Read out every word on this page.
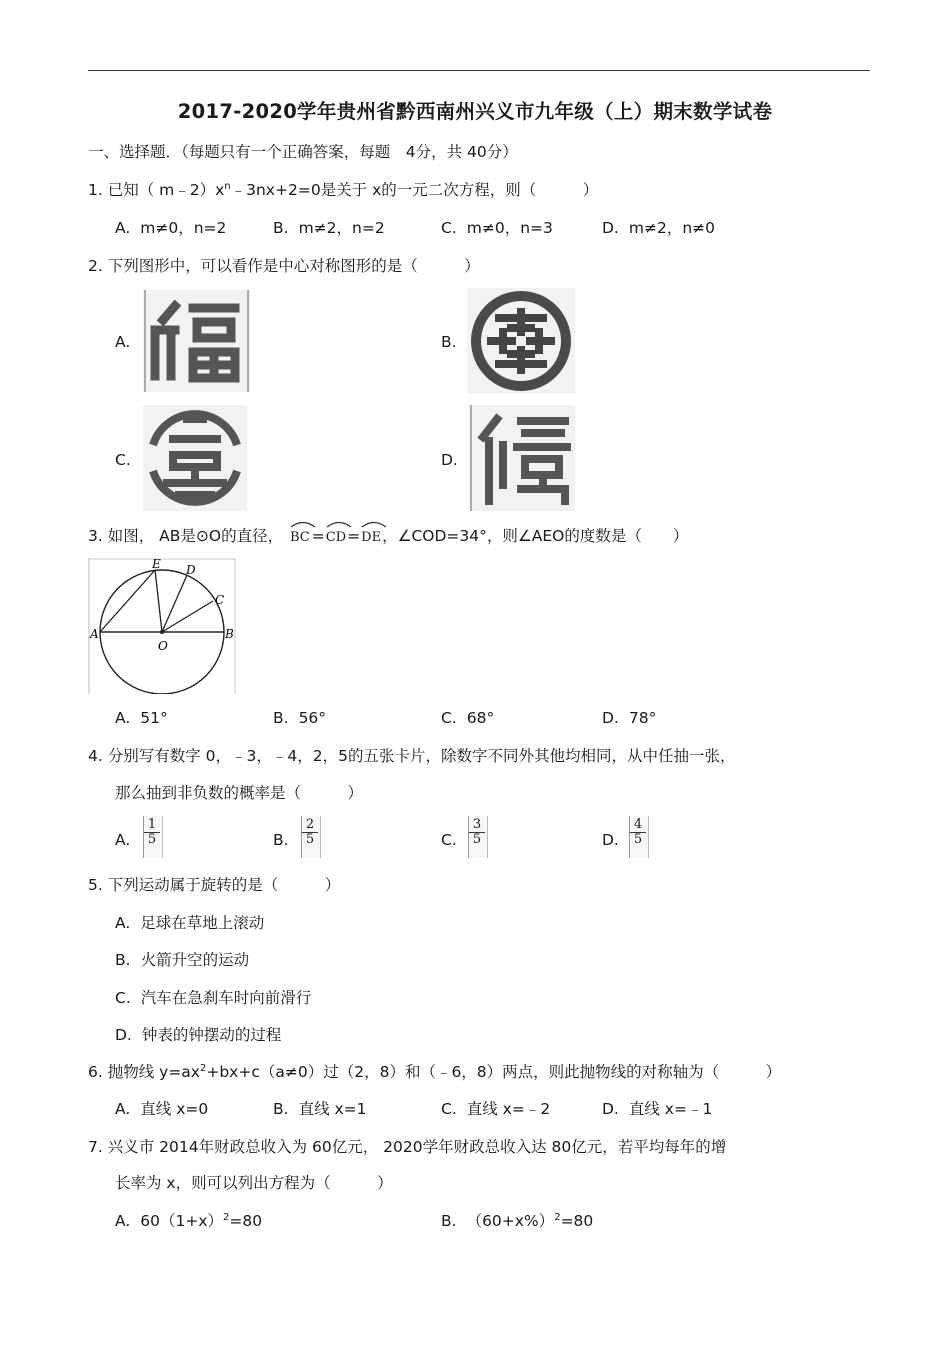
2017-2020学年贵州省黔西南州兴义市九年级（上）期末数学试卷
一、选择题．（每题只有一个正确答案，每题　4分，共 40分）
1. 已知（ $m﹣2)x^n﹣3nx+2=0$是关于 x的一元二次方程，则（　　　）
A. m≠0，n=2	B. m≠2，n=2	C. m≠0，n=3	D. m≠2，n≠0
2. 下列图形中，可以看作是中心对称图形的是（　　　）
A.	B.
C.	D.
3. 如图， AB是⊙O的直径， BC =
CD=
DE，∠COD=34°，则∠AEO的度数是（　　）
E D
C
A	B
O
A. 51°	B. 56°	C. 68°	D. 78°
4. 分别写有数字 0，﹣3，﹣4，2，5的五张卡片，除数字不同外其他均相同，从中任抽一张，
那么抽到非负数的概率是（　　　）
A. $\frac{1}{5}$	B. $\frac{2}{5}$	C. $\frac{3}{5}$	D. $\frac{4}{5}$
5. 下列运动属于旋转的是（　　　）
A. 足球在草地上滚动
B. 火箭升空的运动
C. 汽车在急刹车时向前滑行
D. 钟表的钟摆动的过程
6. 抛物线 $y=ax^2+bx+c(a\ne 0)$过（2，8）和（﹣6，8）两点，则此抛物线的对称轴为（　　　）
A. 直线 x=0	B. 直线 x=1	C. 直线 x=﹣2	D. 直线 x=﹣1
7. 兴义市 2014年财政总收入为 60亿元， 2020学年财政总收入达 80亿元，若平均每年的增
长率为 x，则可以列出方程为（　　　）
A. $60(1+x)^2=80$	B. $(60+x\%)^2=80$
